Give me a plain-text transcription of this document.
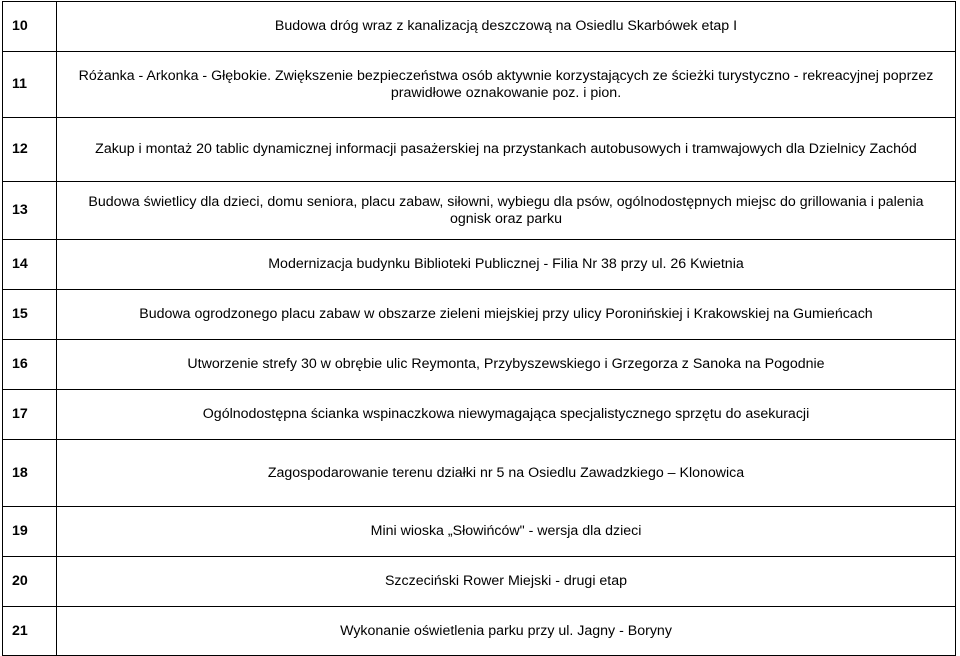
10	Budowa dróg wraz z kanalizacją deszczową na Osiedlu Skarbówek etap I
11	Różanka - Arkonka - Głębokie. Zwiększenie bezpieczeństwa osób aktywnie korzystających ze ścieżki turystyczno - rekreacyjnej poprzez prawidłowe oznakowanie poz. i pion.
12	Zakup i montaż 20 tablic dynamicznej informacji pasażerskiej na przystankach autobusowych i tramwajowych dla Dzielnicy Zachód
13	Budowa świetlicy dla dzieci, domu seniora, placu zabaw, siłowni, wybiegu dla psów, ogólnodostępnych miejsc do grillowania i palenia ognisk oraz parku
14	Modernizacja budynku Biblioteki Publicznej - Filia Nr 38 przy ul. 26 Kwietnia
15	Budowa ogrodzonego placu zabaw w obszarze zieleni miejskiej przy ulicy Poronińskiej i Krakowskiej na Gumieńcach
16	Utworzenie strefy 30 w obrębie ulic Reymonta, Przybyszewskiego i Grzegorza z Sanoka na Pogodnie
17	Ogólnodostępna ścianka wspinaczkowa niewymagająca specjalistycznego sprzętu do asekuracji
18	Zagospodarowanie terenu działki nr 5 na Osiedlu Zawadzkiego – Klonowica
19	Mini wioska „Słowińców" - wersja dla dzieci
20	Szczeciński Rower Miejski - drugi etap
21	Wykonanie oświetlenia parku przy ul. Jagny - Boryny
